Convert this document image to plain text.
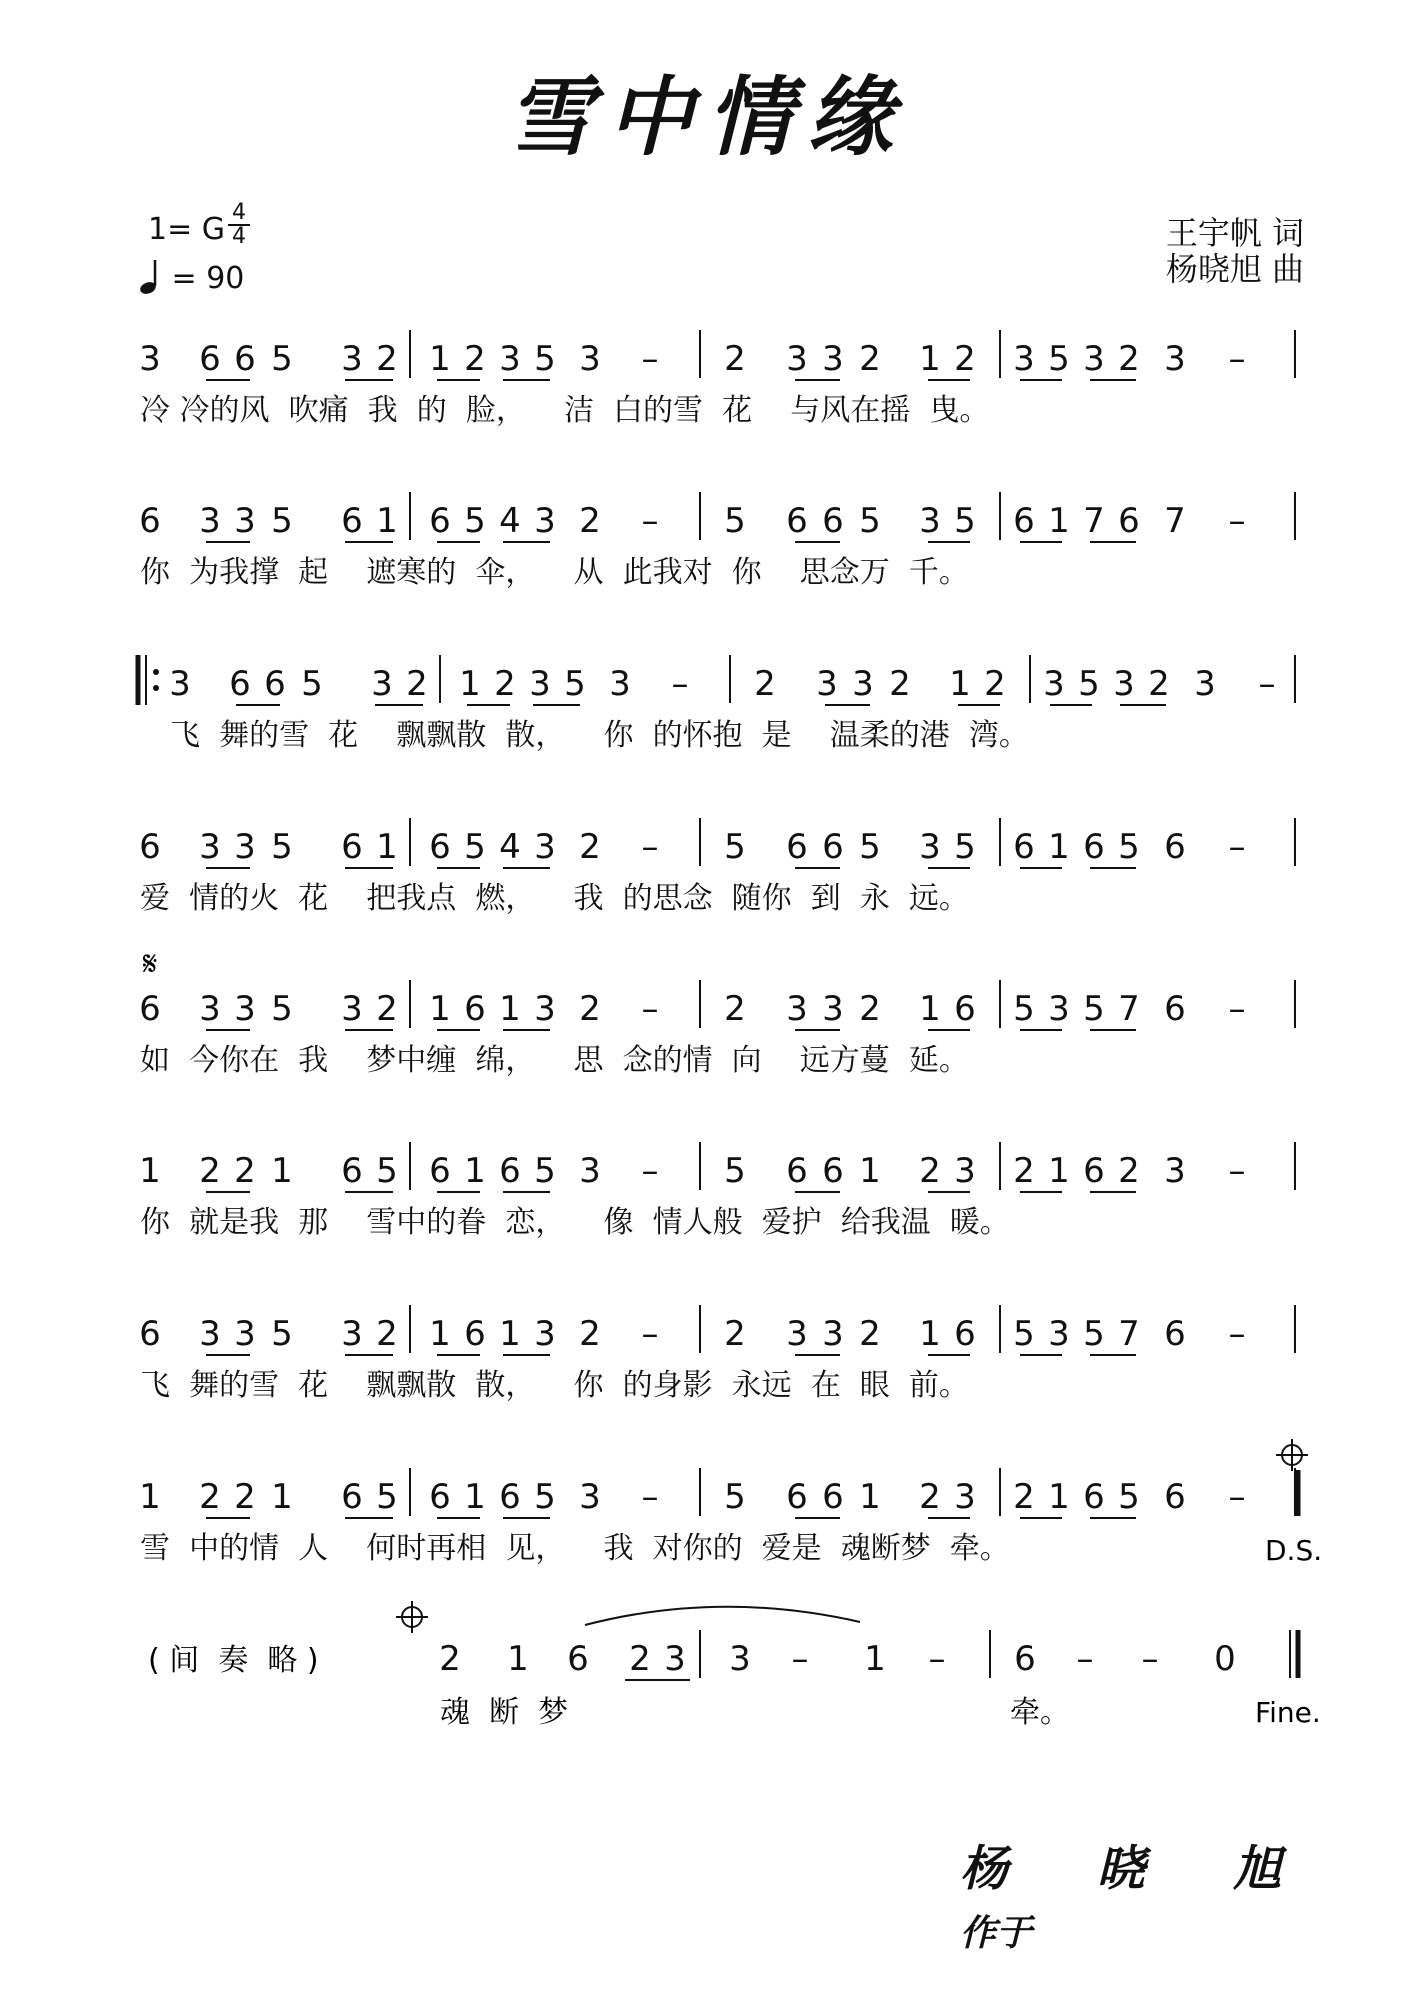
雪中情缘
1= G $\frac{4}{4}$
= 90
王宇帆 词
杨晓旭 曲
3 6 6 5 3 2 1 2 3 5 3 – 2 3 3 2 1 2 3 5 3 2 3 –
冷 冷的风  吹痛  我  的  脸，    洁  白的雪  花    与风在摇  曳。
6 3 3 5 6 1 6 5 4 3 2 – 5 6 6 5 3 5 6 1 7 6 7 –
你  为我撑  起    遮寒的  伞，    从  此我对  你    思念万  千。
3 6 6 5 3 2 1 2 3 5 3 – 2 3 3 2 1 2 3 5 3 2 3 –
飞  舞的雪  花    飘飘散  散，    你  的怀抱  是    温柔的港  湾。
6 3 3 5 6 1 6 5 4 3 2 – 5 6 6 5 3 5 6 1 6 5 6 –
爱  情的火  花    把我点  燃，    我  的思念  随你  到  永  远。
6 3 3 5 3 2 1 6 1 3 2 – 2 3 3 2 1 6 5 3 5 7 6 –
如  今你在  我    梦中缠  绵，    思  念的情  向    远方蔓  延。
1 2 2 1 6 5 6 1 6 5 3 – 5 6 6 1 2 3 2 1 6 2 3 –
你  就是我  那    雪中的眷  恋，    像  情人般  爱护  给我温  暖。
6 3 3 5 3 2 1 6 1 3 2 – 2 3 3 2 1 6 5 3 5 7 6 –
飞  舞的雪  花    飘飘散  散，    你  的身影  永远  在  眼  前。
1 2 2 1 6 5 6 1 6 5 3 – 5 6 6 1 2 3 2 1 6 5 6 –
雪  中的情  人    何时再相  见，    我  对你的  爱是  魂断梦  牵。
𝄋
D.S.
2 1 6 2 3 3 – 1 – 6 – – 0
( 间  奏  略 )
魂  断  梦	牵。	Fine.
杨 晓 旭
作于
